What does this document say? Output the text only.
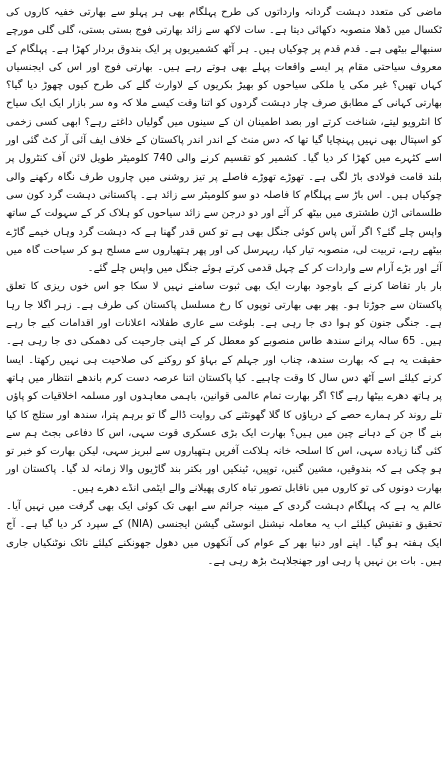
ماضی کی متعدد دہشت گردانہ وارداتوں کی طرح پہلگام بھی ہر پہلو سے بھارتی خفیہ کاروں کی ٹکسال میں ڈھلا منصوبہ دکھائی دیتا ہے۔ سات لاکھ سے زائد بھارتی فوج بستی بستی، گلی گلی مورچے سنبھالے بیٹھی ہے۔ قدم قدم پر چوکیاں ہیں۔ ہر آٹھ کشمیریوں پر ایک بندوق بردار کھڑا ہے۔ پہلگام کے معروف سیاحتی مقام پر ایسے واقعات پہلے بھی ہوتے رہے ہیں۔ بھارتی فوج اور اس کی ایجنسیاں کہاں تھیں؟ غیر مکی یا ملکی سیاحوں کو بھیڑ بکریوں کے لاوارث گلے کی طرح کیوں چھوڑ دیا گیا؟ بھارتی کہانی کے مطابق صرف چار دہشت گردوں کو اتنا وقت کیسے ملا کہ وہ سر بازار ایک ایک سیاح کا انٹرویو لیتے، شناخت کرتے اور بصد اطمینان ان کے سینوں میں گولیاں داغتے رہے؟ ابھی کسی زخمی کو اسپتال بھی نہیں پہنچایا گیا تھا کہ دس منٹ کے اندر اندر پاکستان کے خلاف ایف آئی آر کٹ گئی اور اسے کٹہرے میں کھڑا کر دیا گیا۔ کشمیر کو تقسیم کرنے والی 740 کلومیٹر طویل لائن آف کنٹرول پر بلند قامت فولادی باڑ لگی ہے۔ تھوڑے تھوڑے فاصلے پر تیز روشنی میں چاروں طرف نگاہ رکھنے والی چوکیاں ہیں۔ اس باڑ سے پہلگام کا فاصلہ دو سو کلومیٹر سے زائد ہے۔ پاکستانی دہشت گرد کون سی طلسماتی اڑن طشتری میں بیٹھ کر آئے اور دو درجن سے زائد سیاحوں کو ہلاک کر کے سہولت کے ساتھ واپس چلے گئے؟ اگر آس پاس کوئی جنگل بھی ہے تو کس قدر گھنا ہے کہ دہشت گرد وہاں خیمے گاڑے بیٹھے رہے، تربیت لی، منصوبہ تیار کیا، ریہرسل کی اور پھر ہتھیاروں سے مسلح ہو کر سیاحت گاہ میں آئے اور بڑے آرام سے واردات کر کے چہل قدمی کرتے ہوئے جنگل میں واپس چلے گئے۔

بار بار تقاضا کرنے کے باوجود بھارت ایک بھی ثبوت سامنے نہیں لا سکا جو اس خوں ریزی کا تعلق پاکستان سے جوڑتا ہو۔ پھر بھی بھارتی توپوں کا رخ مسلسل پاکستان کی طرف ہے۔ زہر اگلا جا رہا ہے۔ جنگی جنون کو ہوا دی جا رہی ہے۔ بلوغت سے عاری طفلانہ اعلانات اور اقدامات کیے جا رہے ہیں۔ 65 سالہ پرانے سندھ طاس منصوبے کو معطل کر کے اپنی جارحیت کی دھمکی دی جا رہی ہے۔ حقیقت یہ ہے کہ بھارت سندھ، چناب اور جہلم کے بہاؤ کو روکنے کی صلاحیت ہی نہیں رکھتا۔ ایسا کرنے کیلئے اسے آٹھ دس سال کا وقت چاہیے۔ کیا پاکستان اتنا عرصہ دست کرم باندھے انتظار میں ہاتھ پر ہاتھ دھرے بیٹھا رہے گا؟ اگر بھارت تمام عالمی قوانین، باہمی معاہدوں اور مسلمہ اخلاقیات کو پاؤں تلے روند کر ہمارے حصے کے دریاؤں کا گلا گھونٹنے کی روایت ڈالے گا تو برہم پترا، سندھ اور ستلج کا کیا بنے گا جن کے دہانے چین میں ہیں؟ بھارت ایک بڑی عسکری قوت سہی، اس کا دفاعی بجٹ ہم سے کئی گنا زیادہ سہی، اس کا اسلحہ خانہ ہلاکت آفریں ہتھیاروں سے لبریز سہی، لیکن بھارت کو خبر تو ہو چکی ہے کہ بندوقیں، مشین گنیں، توپیں، ٹینکیں اور بکتر بند گاڑیوں والا زمانہ لد گیا۔ پاکستان اور بھارت دونوں کی تو کاروں میں ناقابل تصور تباہ کاری پھیلانے والے ایٹمی انڈے دھرے ہیں۔

عالم یہ ہے کہ پہلگام دہشت گردی کے مبینہ جرائم سے ابھی تک کوئی ایک بھی گرفت میں نہیں آیا۔ تحقیق و تفتیش کیلئے اب یہ معاملہ نیشنل انوسٹی گیشن ایجنسی (NIA) کے سپرد کر دیا گیا ہے۔ آج ایک ہفتہ ہو گیا۔ اپنے اور دنیا بھر کے عوام کی آنکھوں میں دھول جھونکنے کیلئے ناٹک نوٹنکیاں جاری ہیں۔ بات بن نہیں پا رہی اور جھنجلاہٹ بڑھ رہی ہے۔
